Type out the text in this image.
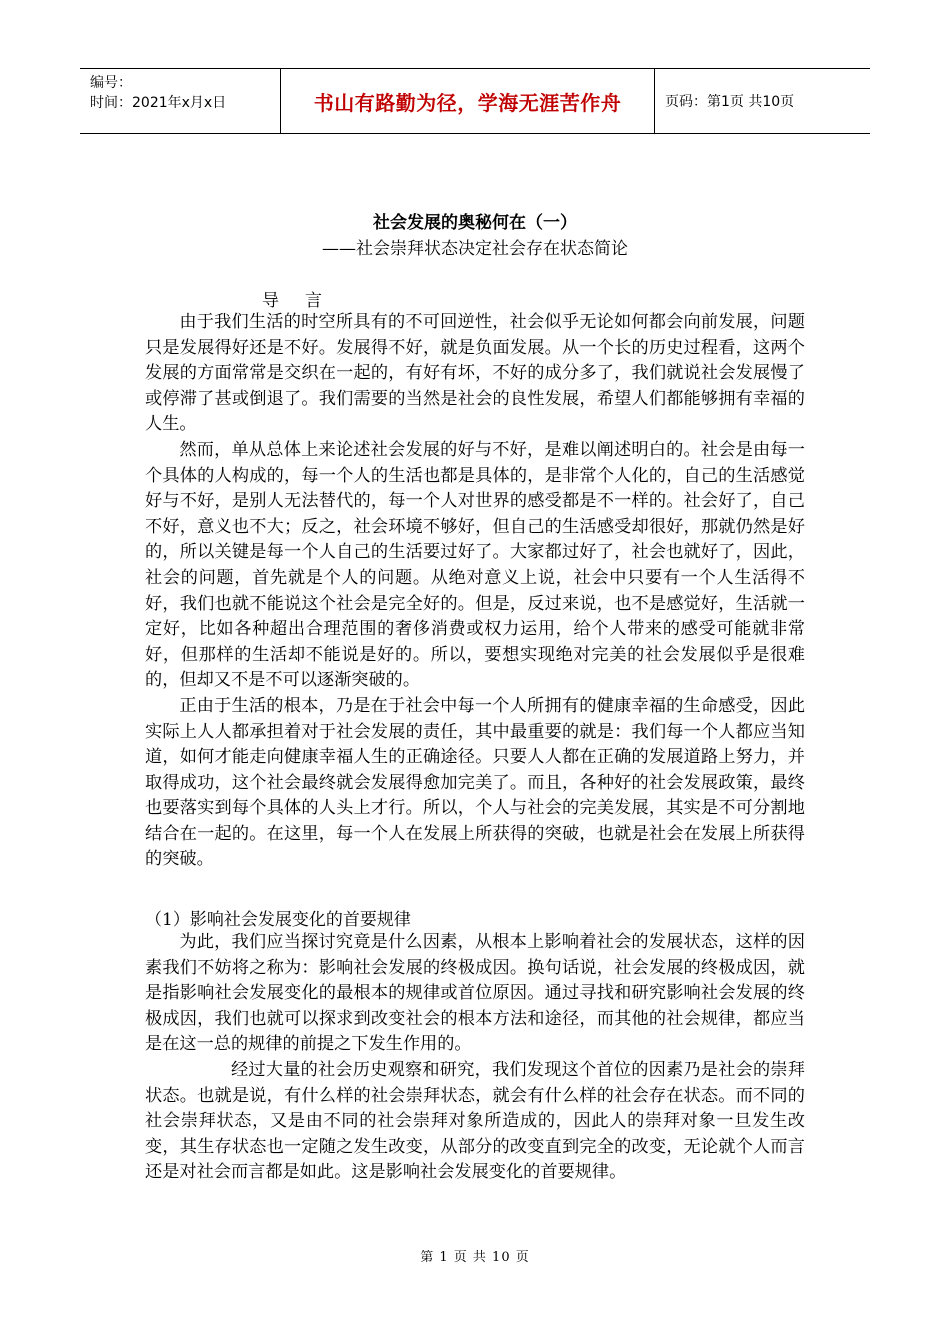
编号：
时间：2021年x月x日	书山有路勤为径，学海无涯苦作舟	页码：第1页 共10页
社会发展的奥秘何在（一）
——社会崇拜状态决定社会存在状态简论
导言

由于我们生活的时空所具有的不可回逆性，社会似乎无论如何都会向前发展，问题只是发展得好还是不好。发展得不好，就是负面发展。从一个长的历史过程看，这两个发展的方面常常是交织在一起的，有好有坏，不好的成分多了，我们就说社会发展慢了或停滞了甚或倒退了。我们需要的当然是社会的良性发展，希望人们都能够拥有幸福的人生。

然而，单从总体上来论述社会发展的好与不好，是难以阐述明白的。社会是由每一个具体的人构成的，每一个人的生活也都是具体的，是非常个人化的，自己的生活感觉好与不好，是别人无法替代的，每一个人对世界的感受都是不一样的。社会好了，自己不好，意义也不大；反之，社会环境不够好，但自己的生活感受却很好，那就仍然是好的，所以关键是每一个人自己的生活要过好了。大家都过好了，社会也就好了，因此，社会的问题，首先就是个人的问题。从绝对意义上说，社会中只要有一个人生活得不好，我们也就不能说这个社会是完全好的。但是，反过来说，也不是感觉好，生活就一定好，比如各种超出合理范围的奢侈消费或权力运用，给个人带来的感受可能就非常好，但那样的生活却不能说是好的。所以，要想实现绝对完美的社会发展似乎是很难的，但却又不是不可以逐渐突破的。

正由于生活的根本，乃是在于社会中每一个人所拥有的健康幸福的生命感受，因此实际上人人都承担着对于社会发展的责任，其中最重要的就是：我们每一个人都应当知道，如何才能走向健康幸福人生的正确途径。只要人人都在正确的发展道路上努力，并取得成功，这个社会最终就会发展得愈加完美了。而且，各种好的社会发展政策，最终也要落实到每个具体的人头上才行。所以，个人与社会的完美发展，其实是不可分割地结合在一起的。在这里，每一个人在发展上所获得的突破，也就是社会在发展上所获得的突破。

（1）影响社会发展变化的首要规律

为此，我们应当探讨究竟是什么因素，从根本上影响着社会的发展状态，这样的因素我们不妨将之称为：影响社会发展的终极成因。换句话说，社会发展的终极成因，就是指影响社会发展变化的最根本的规律或首位原因。通过寻找和研究影响社会发展的终极成因，我们也就可以探求到改变社会的根本方法和途径，而其他的社会规律，都应当是在这一总的规律的前提之下发生作用的。

经过大量的社会历史观察和研究，我们发现这个首位的因素乃是社会的崇拜状态。也就是说，有什么样的社会崇拜状态，就会有什么样的社会存在状态。而不同的社会崇拜状态，又是由不同的社会崇拜对象所造成的，因此人的崇拜对象一旦发生改变，其生存状态也一定随之发生改变，从部分的改变直到完全的改变，无论就个人而言还是对社会而言都是如此。这是影响社会发展变化的首要规律。

第 1 页 共 10 页
